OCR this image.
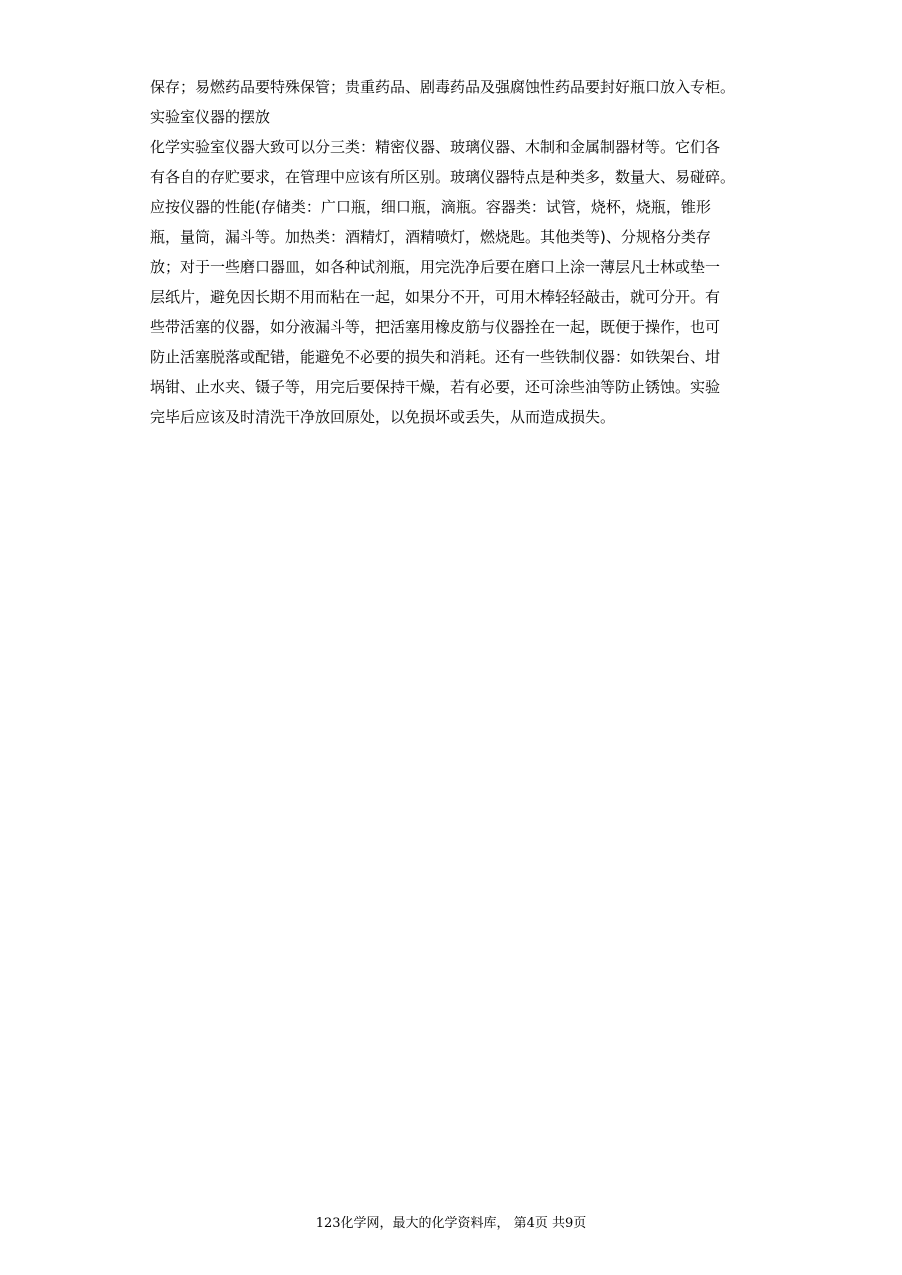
保存；易燃药品要特殊保管；贵重药品、剧毒药品及强腐蚀性药品要封好瓶口放入专柜。
实验室仪器的摆放
化学实验室仪器大致可以分三类：精密仪器、玻璃仪器、木制和金属制器材等。它们各
有各自的存贮要求，在管理中应该有所区别。玻璃仪器特点是种类多，数量大、易碰碎。
应按仪器的性能(存储类：广口瓶，细口瓶，滴瓶。容器类：试管，烧杯，烧瓶，锥形
瓶，量筒，漏斗等。加热类：酒精灯，酒精喷灯，燃烧匙。其他类等)、分规格分类存
放；对于一些磨口器皿，如各种试剂瓶，用完洗净后要在磨口上涂一薄层凡士林或垫一
层纸片，避免因长期不用而粘在一起，如果分不开，可用木棒轻轻敲击，就可分开。有
些带活塞的仪器，如分液漏斗等，把活塞用橡皮筋与仪器拴在一起，既便于操作，也可
防止活塞脱落或配错，能避免不必要的损失和消耗。还有一些铁制仪器：如铁架台、坩
埚钳、止水夹、镊子等，用完后要保持干燥，若有必要，还可涂些油等防止锈蚀。实验
完毕后应该及时清洗干净放回原处，以免损坏或丢失，从而造成损失。
123化学网，最大的化学资料库， 第4页 共9页
